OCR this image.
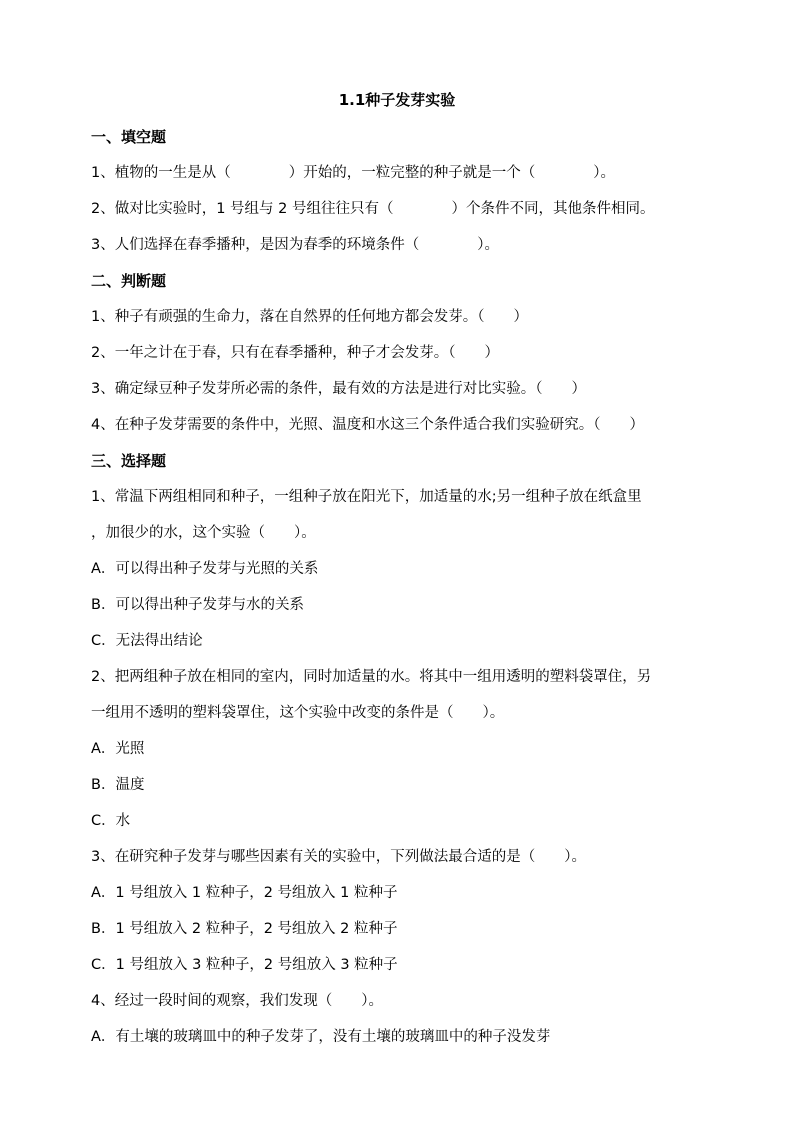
1.1种子发芽实验
一、填空题
1、植物的一生是从（　　　　）开始的，一粒完整的种子就是一个（　　　　）。
2、做对比实验时，1 号组与 2 号组往往只有（　　　　）个条件不同，其他条件相同。
3、人们选择在春季播种，是因为春季的环境条件（　　　　）。
二、判断题
1、种子有顽强的生命力，落在自然界的任何地方都会发芽。（　　）
2、一年之计在于春，只有在春季播种，种子才会发芽。（　　）
3、确定绿豆种子发芽所必需的条件，最有效的方法是进行对比实验。（　　）
4、在种子发芽需要的条件中，光照、温度和水这三个条件适合我们实验研究。（　　）
三、选择题
1、常温下两组相同和种子，一组种子放在阳光下，加适量的水;另一组种子放在纸盒里
，加很少的水，这个实验（　　）。
A．可以得出种子发芽与光照的关系
B．可以得出种子发芽与水的关系
C．无法得出结论
2、把两组种子放在相同的室内，同时加适量的水。将其中一组用透明的塑料袋罩住，另
一组用不透明的塑料袋罩住，这个实验中改变的条件是（　　）。
A．光照
B．温度
C．水
3、在研究种子发芽与哪些因素有关的实验中，下列做法最合适的是（　　）。
A．1 号组放入 1 粒种子，2 号组放入 1 粒种子
B．1 号组放入 2 粒种子，2 号组放入 2 粒种子
C．1 号组放入 3 粒种子，2 号组放入 3 粒种子
4、经过一段时间的观察，我们发现（　　）。
A．有土壤的玻璃皿中的种子发芽了，没有土壤的玻璃皿中的种子没发芽
